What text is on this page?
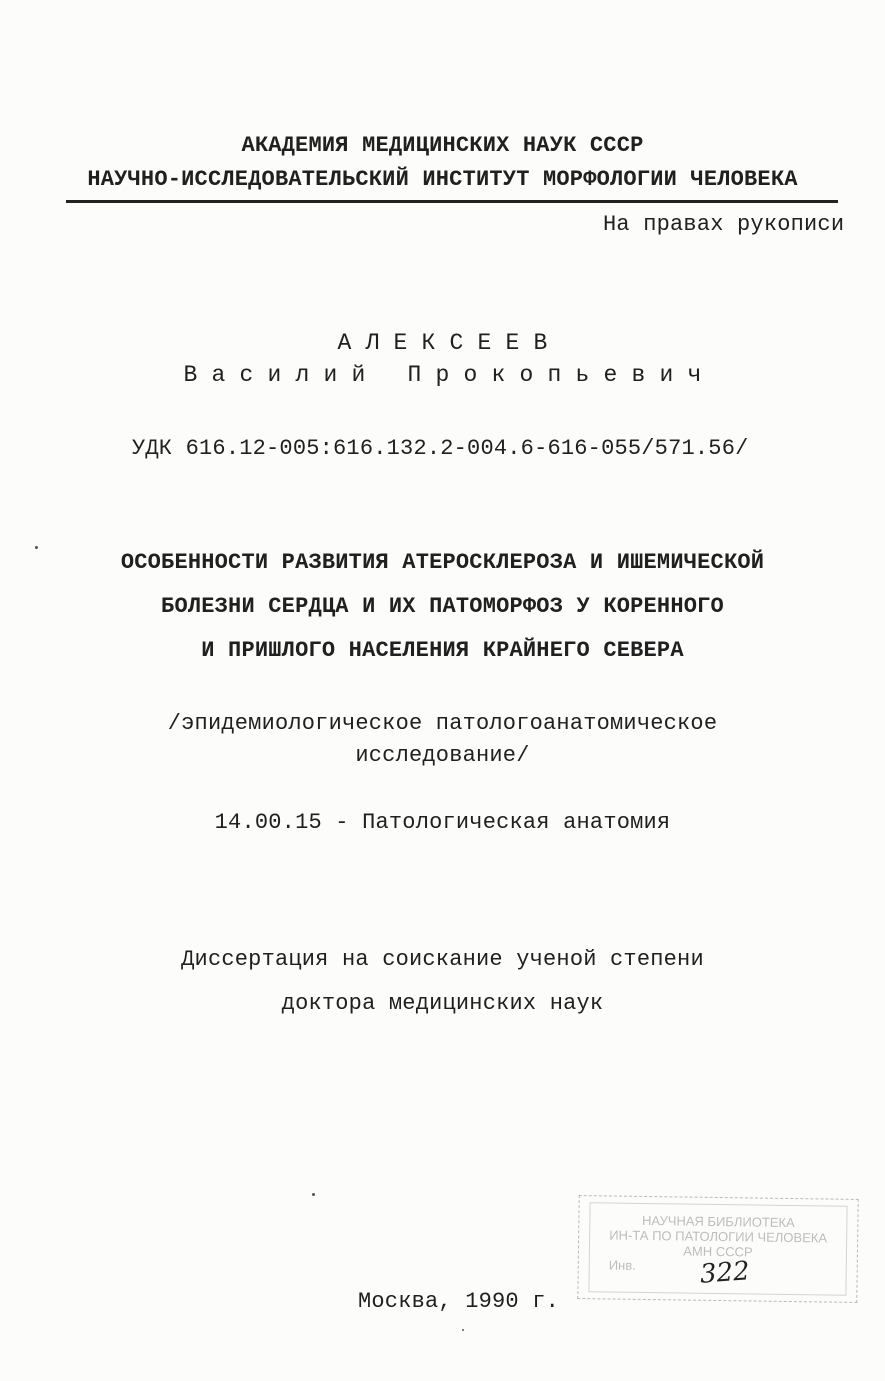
АКАДЕМИЯ МЕДИЦИНСКИХ НАУК СССР
НАУЧНО-ИССЛЕДОВАТЕЛЬСКИЙ ИНСТИТУТ МОРФОЛОГИИ ЧЕЛОВЕКА
На правах рукописи
А Л Е К С Е Е В
В а с и л и й   П р о к о п ь е в и ч
УДК 616.12-005:616.132.2-004.6-616-055/571.56/
ОСОБЕННОСТИ РАЗВИТИЯ АТЕРОСКЛЕРОЗА И ИШЕМИЧЕСКОЙ
БОЛЕЗНИ СЕРДЦА И ИХ ПАТОМОРФОЗ У КОРЕННОГО
И ПРИШЛОГО НАСЕЛЕНИЯ КРАЙНЕГО СЕВЕРА
/эпидемиологическое патологоанатомическое
исследование/
14.00.15 - Патологическая анатомия
Диссертация на соискание ученой степени
доктора медицинских наук
НАУЧНАЯ БИБЛИОТЕКА
ИН-ТА ПО ПАТОЛОГИИ ЧЕЛОВЕКА
АМН СССР
Инв.	322
Москва, 1990 г.
